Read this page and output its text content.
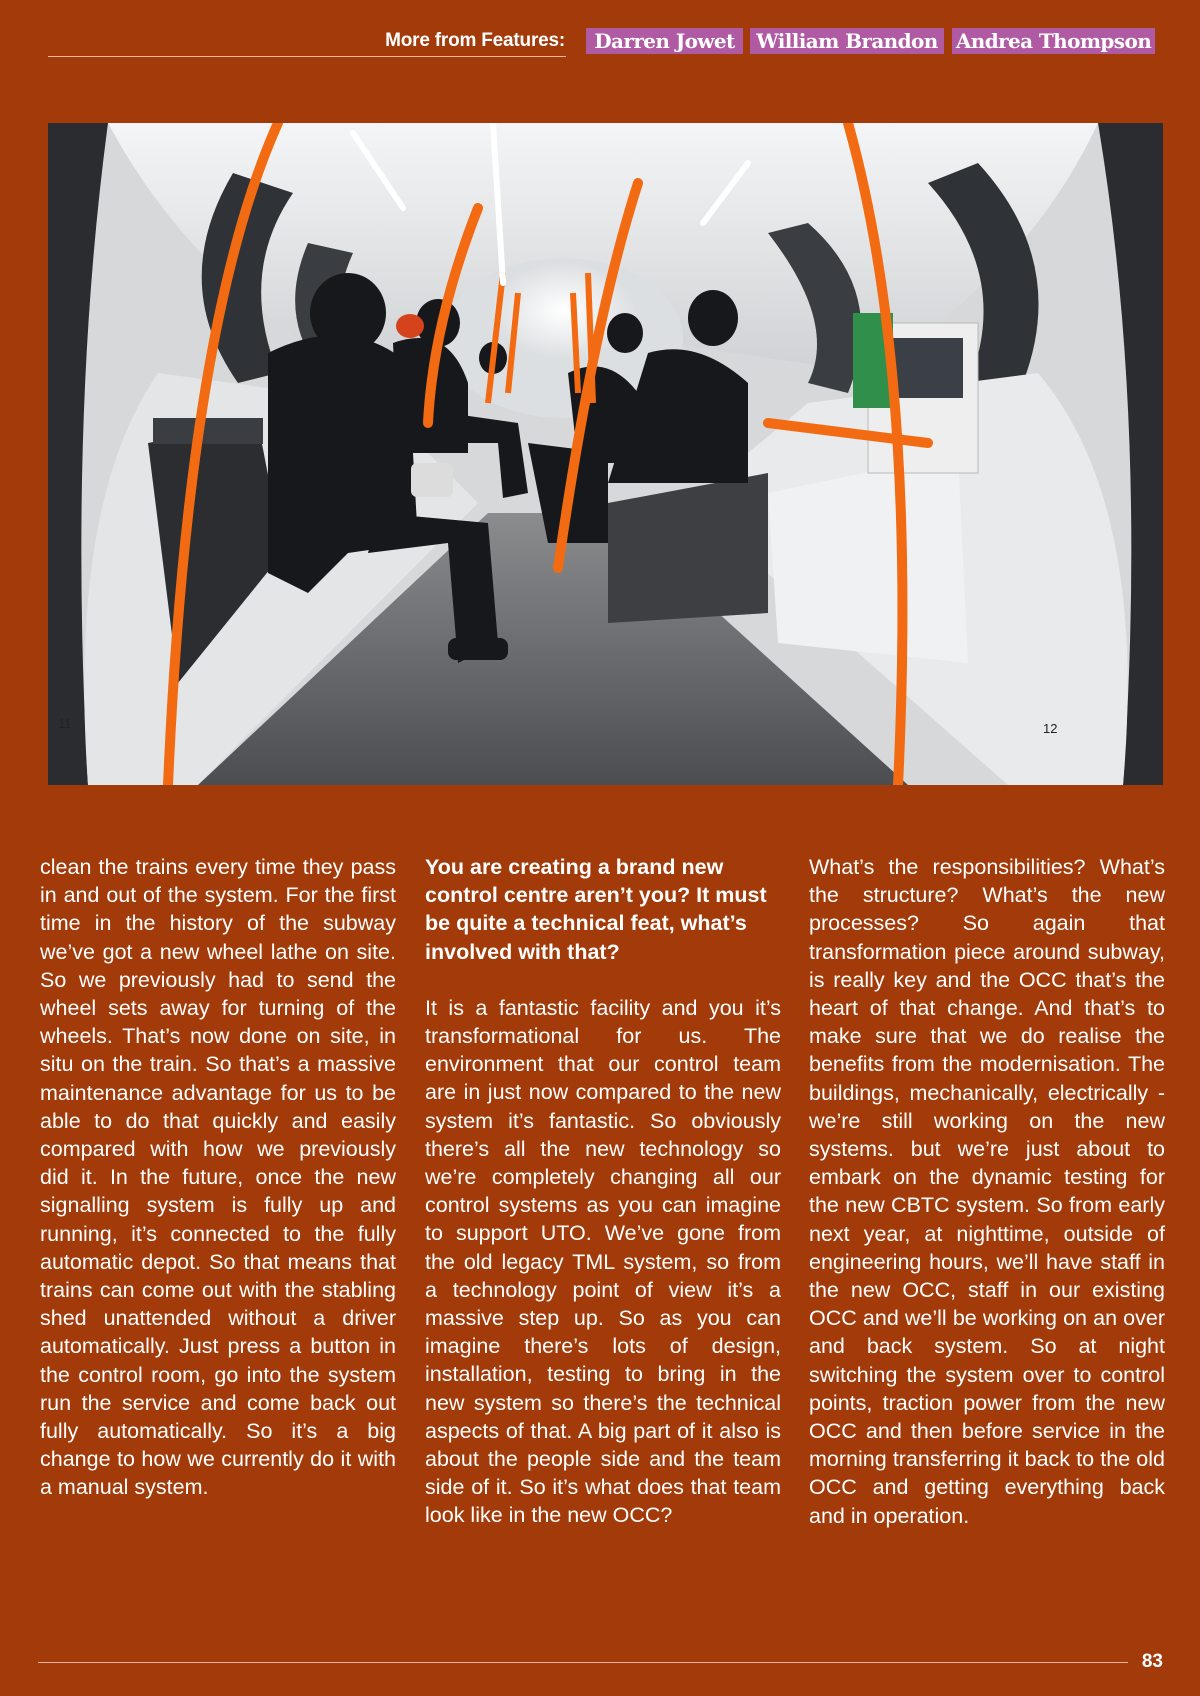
More from Features:	Darren Jowet	William Brandon Andrea Thompson
11	12

clean the trains every time they pass in and out of the system. For the first time in the history of the subway we’ve got a new wheel lathe on site. So we previously had to send the wheel sets away for turning of the wheels. That’s now done on site, in situ on the train. So that’s a massive maintenance advantage for us to be able to do that quickly and easily compared with how we previously did it. In the future, once the new signalling system is fully up and running, it’s connected to the fully automatic depot. So that means that trains can come out with the stabling shed unattended without a driver automatically. Just press a button in the control room, go into the system run the service and come back out fully automatically. So it’s a big change to how we currently do it with a manual system.

You are creating a brand new control centre aren’t you? It must be quite a technical feat, what’s involved with that?

It is a fantastic facility and you it’s transformational for us. The environment that our control team are in just now compared to the new system it’s fantastic. So obviously there’s all the new technology so we’re completely changing all our control systems as you can imagine to support UTO. We’ve gone from the old legacy TML system, so from a technology point of view it’s a massive step up. So as you can imagine there’s lots of design, installation, testing to bring in the new system so there’s the technical aspects of that. A big part of it also is about the people side and the team side of it. So it’s what does that team look like in the new OCC?

What’s the responsibilities? What’s the structure? What’s the new processes? So again that transformation piece around subway, is really key and the OCC that’s the heart of that change. And that’s to make sure that we do realise the benefits from the modernisation. The buildings, mechanically, electrically - we’re still working on the new systems. but we’re just about to embark on the dynamic testing for the new CBTC system. So from early next year, at nighttime, outside of engineering hours, we’ll have staff in the new OCC, staff in our existing OCC and we’ll be working on an over and back system. So at night switching the system over to control points, traction power from the new OCC and then before service in the morning transferring it back to the old OCC and getting everything back and in operation.

83
